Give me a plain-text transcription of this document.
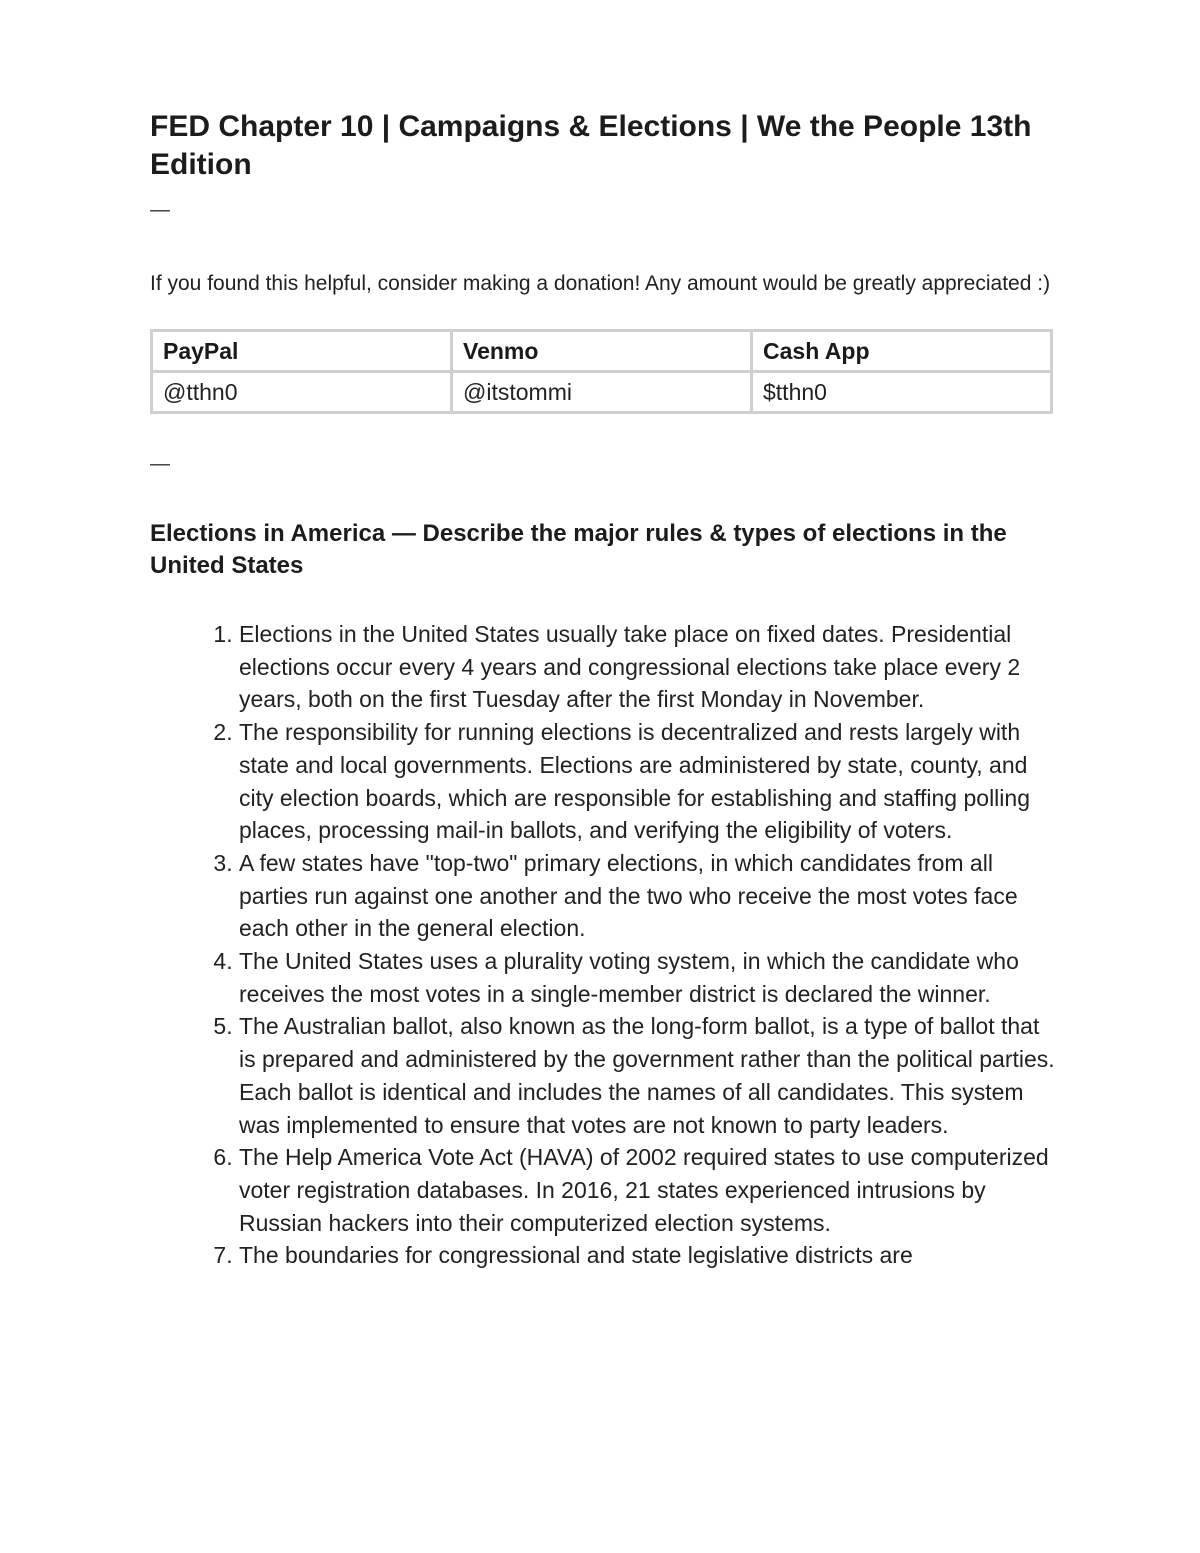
FED Chapter 10 | Campaigns & Elections | We the People 13th Edition
—

If you found this helpful, consider making a donation! Any amount would be greatly appreciated :)

PayPal	Venmo	Cash App
@tthn0	@itstommi	$tthn0
—
Elections in America — Describe the major rules & types of elections in the United States
1. Elections in the United States usually take place on fixed dates. Presidential elections occur every 4 years and congressional elections take place every 2 years, both on the first Tuesday after the first Monday in November.
2. The responsibility for running elections is decentralized and rests largely with state and local governments. Elections are administered by state, county, and city election boards, which are responsible for establishing and staffing polling places, processing mail-in ballots, and verifying the eligibility of voters.
3. A few states have "top-two" primary elections, in which candidates from all parties run against one another and the two who receive the most votes face each other in the general election.
4. The United States uses a plurality voting system, in which the candidate who receives the most votes in a single-member district is declared the winner.
5. The Australian ballot, also known as the long-form ballot, is a type of ballot that is prepared and administered by the government rather than the political parties. Each ballot is identical and includes the names of all candidates. This system was implemented to ensure that votes are not known to party leaders.
6. The Help America Vote Act (HAVA) of 2002 required states to use computerized voter registration databases. In 2016, 21 states experienced intrusions by Russian hackers into their computerized election systems.
7. The boundaries for congressional and state legislative districts are
